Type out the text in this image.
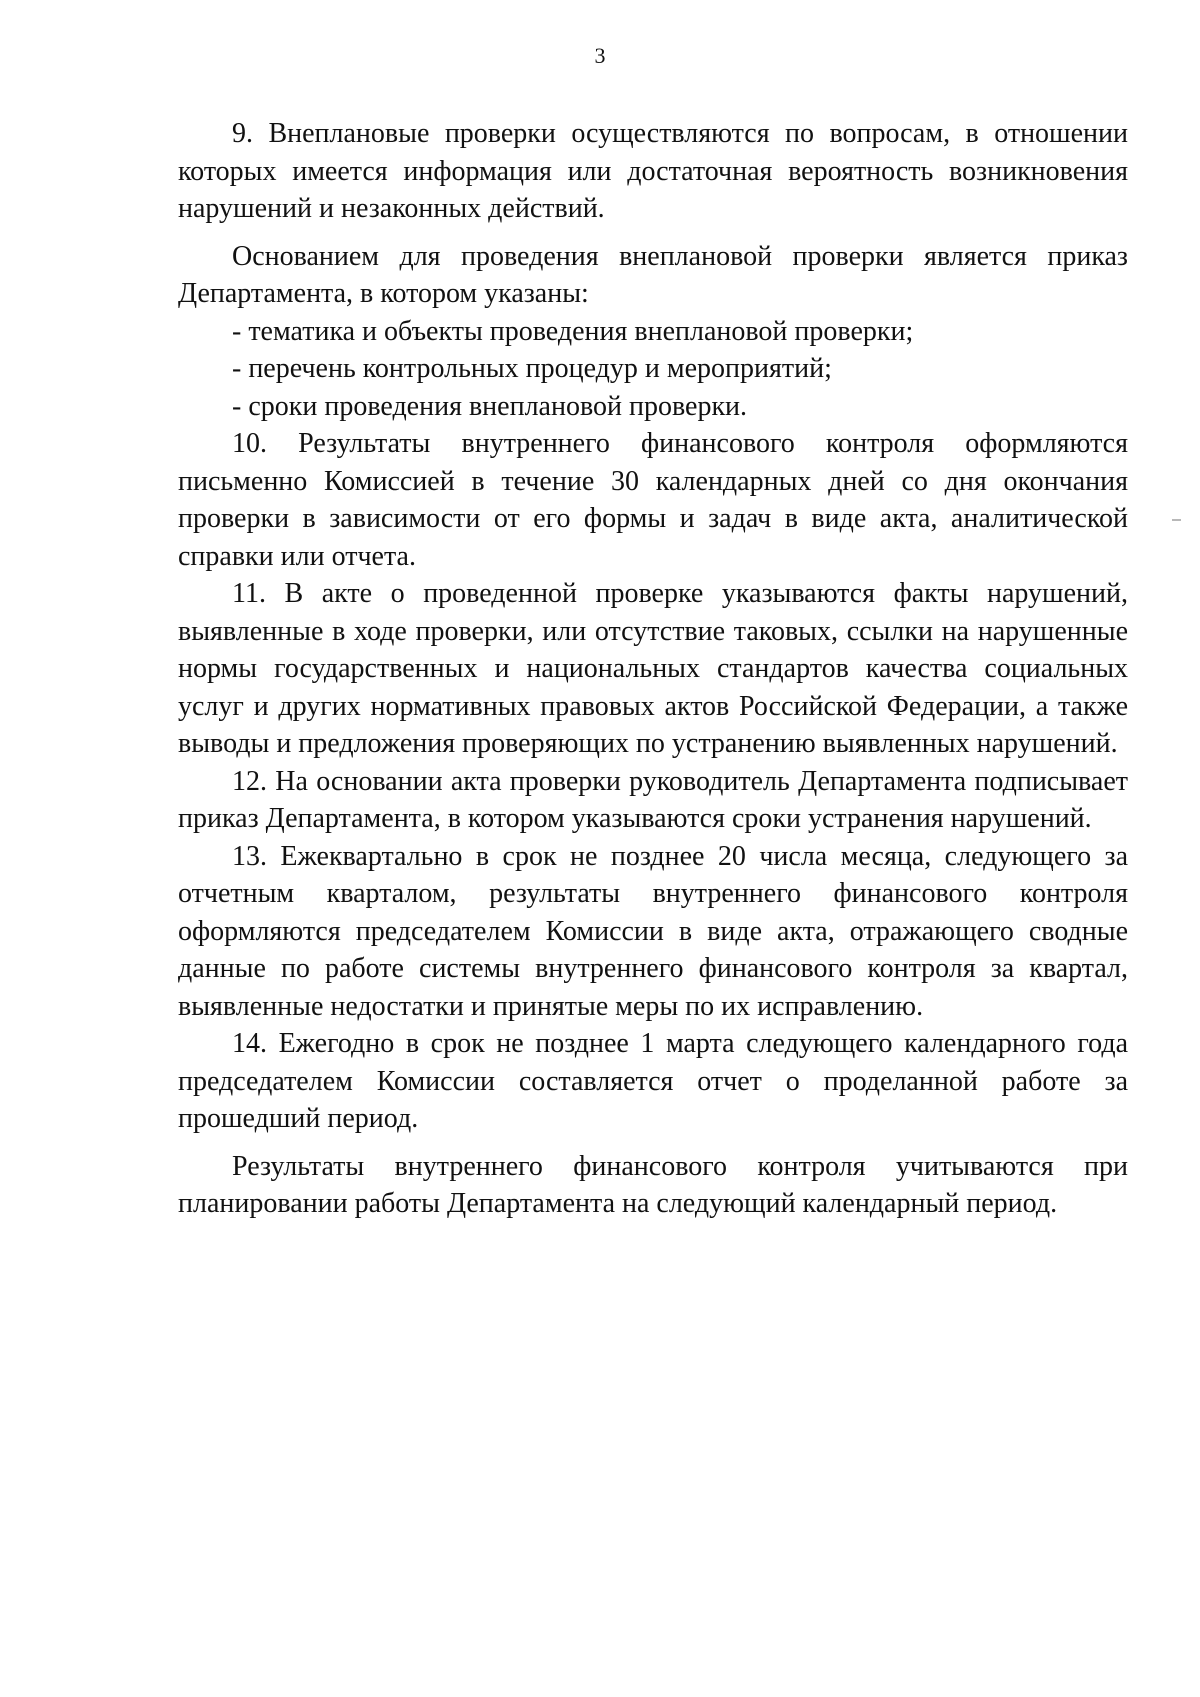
3

9. Внеплановые проверки осуществляются по вопросам, в отношении которых имеется информация или достаточная вероятность возникновения нарушений и незаконных действий.

Основанием для проведения внеплановой проверки является приказ Департамента, в котором указаны:

- тематика и объекты проведения внеплановой проверки;

- перечень контрольных процедур и мероприятий;

- сроки проведения внеплановой проверки.

10. Результаты внутреннего финансового контроля оформляются письменно Комиссией в течение 30 календарных дней со дня окончания проверки в зависимости от его формы и задач в виде акта, аналитической справки или отчета.

11. В акте о проведенной проверке указываются факты нарушений, выявленные в ходе проверки, или отсутствие таковых, ссылки на нарушенные нормы государственных и национальных стандартов качества социальных услуг и других нормативных правовых актов Российской Федерации, а также выводы и предложения проверяющих по устранению выявленных нарушений.

12. На основании акта проверки руководитель Департамента подписывает приказ Департамента, в котором указываются сроки устранения нарушений.

13. Ежеквартально в срок не позднее 20 числа месяца, следующего за отчетным кварталом, результаты внутреннего финансового контроля оформляются председателем Комиссии в виде акта, отражающего сводные данные по работе системы внутреннего финансового контроля за квартал, выявленные недостатки и принятые меры по их исправлению.

14. Ежегодно в срок не позднее 1 марта следующего календарного года председателем Комиссии составляется отчет о проделанной работе за прошедший период.

Результаты внутреннего финансового контроля учитываются при планировании работы Департамента на следующий календарный период.
